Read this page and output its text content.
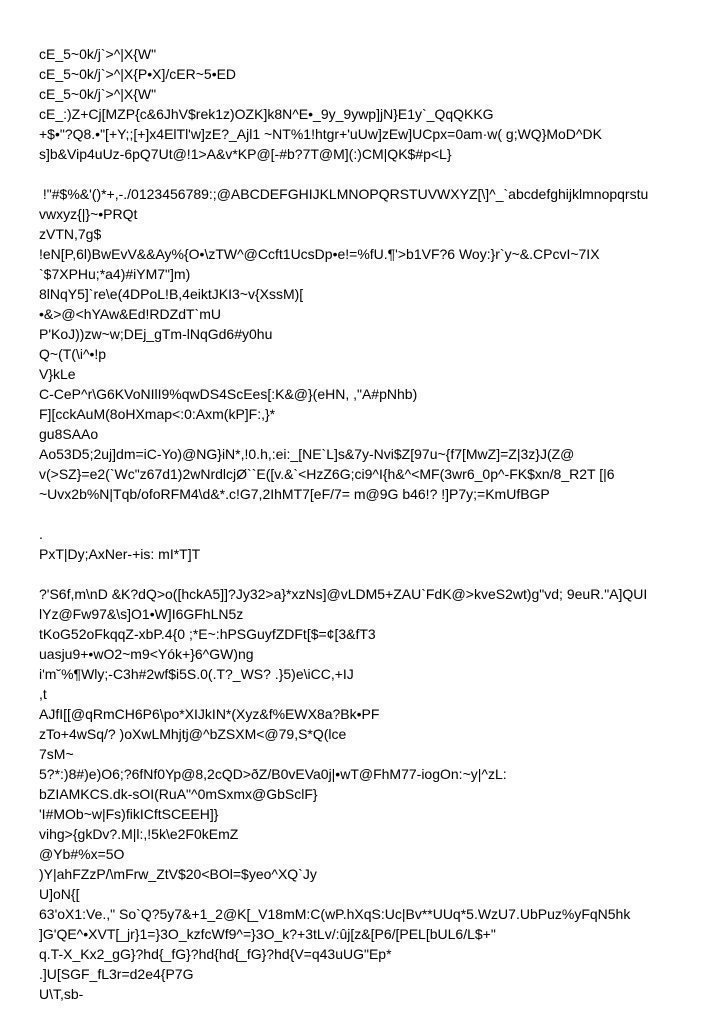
cE_5~0k/j`>^|X{W"
cE_5~0k/j`>^|X{P•X]/cER~5•ED
cE_5~0k/j`>^|X{W"
cE_:)Z+Cj[MZP{c&6JhV$rek1z)OZK]k8N^E•_9y_9ywp]jN}E1y`_QqQKKG
+$•"?Q8.•"[+Y;;[+]x4ElTl'w]zE?_Ajl1 ~NT%1!htgr+'uUw]zEw]UCpx=0am·w( g;WQ}MoD^DK
s]b&Vip4uUz-6pQ7Ut@!1>A&v*KP@[-#b?7T@M](:)CM|QK$#p<L}
!"#$%&'()*+,-./0123456789:;@ABCDEFGHIJKLMNOPQRSTUVWXYZ[\]^_`abcdefghijklmnopqrstu
vwxyz{|}~•PRQt
zVTN,7g$
!eN[P,6l)BwEvV&&Ay%{O•\zTW^@Ccft1UcsDp•e!=%fU.¶'>b1VF?6 Woy:}r`y~&.CPcvI~7IX
`$7XPHu;*a4)#iYM7"]m)
8lNqY5]`re\e(4DPoL!B,4eiktJKI3~v{XssM)[
•&>@<hYAw&Ed!RDZdT`mU
P'KoJ))zw~w;DEj_gTm-lNqGd6#y0hu
Q~(T(\i^•!p
V}kLe
C-CeP^r\G6KVoNIlI9%qwDS4ScEes[:K&@}(eHN, ,"A#pNhb)
F][cckAuM(8oHXmap<:0:Axm(kP]F:,}*
gu8SAAo
Ao53D5;2uj]dm=iC-Yo)@NG}iN*,!0.h,:ei:_[NE`L]s&7y-Nvi$Z[97u~{f7[MwZ]=Z|3z}J(Z@
v(>SZ}=e2(`Wc"z67d1)2wNrdlcjØ``E([v.&`<HzZ6G;ci9^I{h&^<MF(3wr6_0p^-FK$xn/8_R2T [|6
~Uvx2b%N|Tqb/ofoRFM4\d&*.c!G7,2IhMT7[eF/7= m@9G b46!? !]P7y;=KmUfBGP
.
PxT|Dy;AxNer-+is: mI*T]T
?'S6f,m\nD &K?dQ>o([hckA5]]?Jy32>a}*xzNs]@vLDM5+ZAU`FdK@>kveS2wt)g"vd; 9euR."A]QUI
lYz@Fw97&\s]O1•W]I6GFhLN5z
tKoG52oFkqqZ-xbP.4{0 ;*E~:hPSGuyfZDFt[$=¢[3&fT3
uasju9+•wO2~m9<Yók+}6^GW)ng
i'm˘%¶Wly;-C3h#2wf$i5S.0(.T?_WS? .}5)e\iCC,+IJ
,t
AJfI[[@qRmCH6P6\po*XIJkIN*(Xyz&f%EWX8a?Bk•PF
zTo+4wSq/? )oXwLMhjtj@^bZSXM<@79,S*Q(lce
7sM~
5?*:)8#)e)O6;?6fNf0Yp@8,2cQD>ðZ/B0vEVa0j|•wT@FhM77-iogOn:~y|^zL:
bZIAMKCS.dk-sOI(RuA"^0mSxmx@GbSclF}
'I#MOb~w|Fs)fikICftSCEEH]}
vihg>{gkDv?.M|l:,!5k\e2F0kEmZ
@Yb#%x=5O
)Y|ahFZzP/\mFrw_ZtV$20<BOl=$yeo^XQ`Jy
U]oN{[
63'oX1:Ve.," So`Q?5y7&+1_2@K[_V18mM:C(wP.hXqS:Uc|Bv**UUq*5.WzU7.UbPuz%yFqN5hk
]G'QE^•XVT[_jr}1=}3O_kzfcWf9^=}3O_k?+3tLv/:ûj[z&[P6/[PEL[bUL6/L$+"
q.T-X_Kx2_gG}?hd{_fG}?hd{hd{_fG}?hd{V=q43uUG"Ep*
.]U[SGF_fL3r=d2e4{P7G
U\T,sb-
